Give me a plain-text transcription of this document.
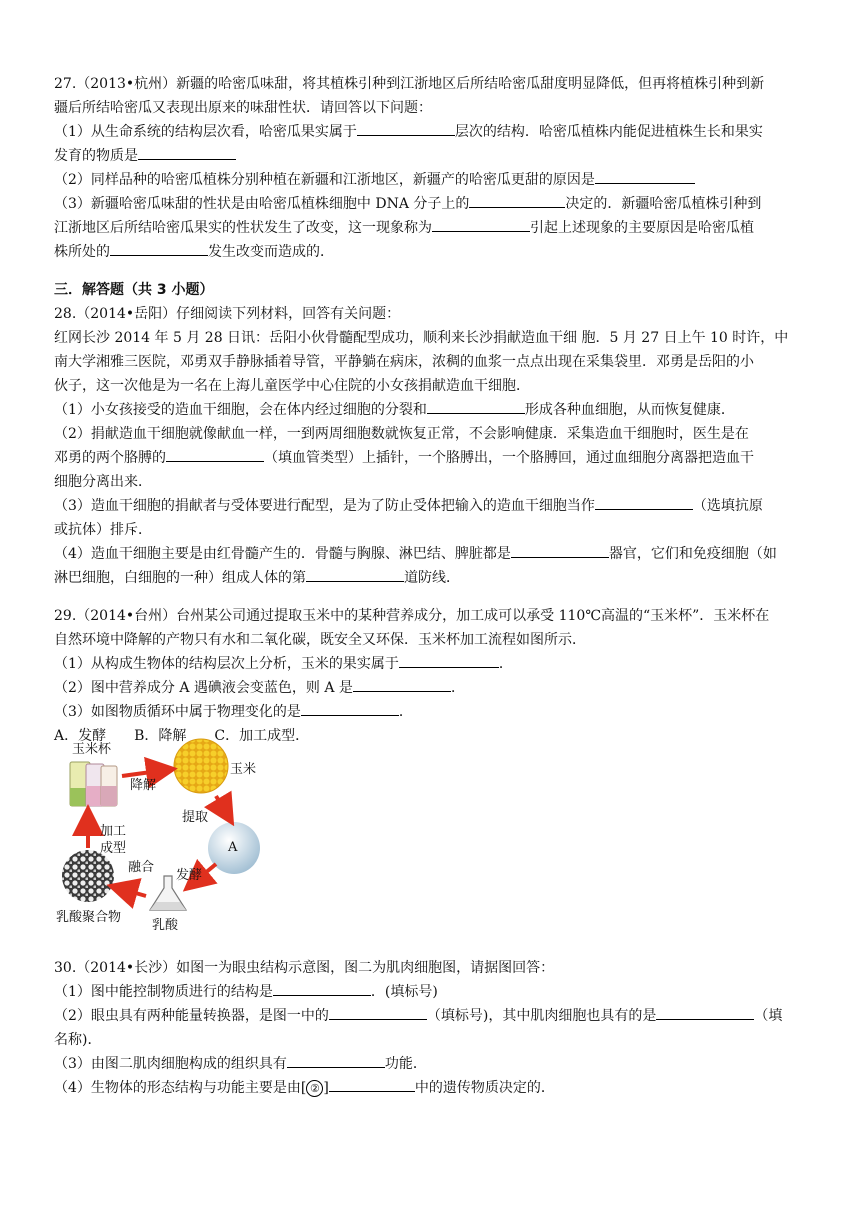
27.（2013•杭州）新疆的哈密瓜味甜，将其植株引种到江浙地区后所结哈密瓜甜度明显降低，但再将植株引种到新
疆后所结哈密瓜又表现出原来的味甜性状．请回答以下问题：
（1）从生命系统的结构层次看，哈密瓜果实属于	层次的结构．哈密瓜植株内能促进植株生长和果实
发育的物质是
（2）同样品种的哈密瓜植株分别种植在新疆和江浙地区，新疆产的哈密瓜更甜的原因是
（3）新疆哈密瓜味甜的性状是由哈密瓜植株细胞中 DNA 分子上的	决定的．新疆哈密瓜植株引种到
江浙地区后所结哈密瓜果实的性状发生了改变，这一现象称为	引起上述现象的主要原因是哈密瓜植
株所处的	发生改变而造成的．
三．解答题（共 3 小题）
28.（2014•岳阳）仔细阅读下列材料，回答有关问题：
红网长沙 2014 年 5 月 28 日讯：岳阳小伙骨髓配型成功，顺利来长沙捐献造血干细 胞．5 月 27 日上午 10 时许，中
南大学湘雅三医院，邓勇双手静脉插着导管，平静躺在病床，浓稠的血浆一点点出现在采集袋里．邓勇是岳阳的小
伙子，这一次他是为一名在上海儿童医学中心住院的小女孩捐献造血干细胞．
（1）小女孩接受的造血干细胞，会在体内经过细胞的分裂和	形成各种血细胞，从而恢复健康．
（2）捐献造血干细胞就像献血一样，一到两周细胞数就恢复正常，不会影响健康．采集造血干细胞时，医生是在
邓勇的两个胳膊的	（填血管类型）上插针，一个胳膊出，一个胳膊回，通过血细胞分离器把造血干
细胞分离出来．
（3）造血干细胞的捐献者与受体要进行配型，是为了防止受体把输入的造血干细胞当作	（选填抗原
或抗体）排斥．
（4）造血干细胞主要是由红骨髓产生的．骨髓与胸腺、淋巴结、脾脏都是	器官，它们和免疫细胞（如
淋巴细胞，白细胞的一种）组成人体的第	道防线．
29.（2014•台州）台州某公司通过提取玉米中的某种营养成分，加工成可以承受 110℃高温的“玉米杯”．玉米杯在
自然环境中降解的产物只有水和二氧化碳，既安全又环保．玉米杯加工流程如图所示．
（1）从构成生物体的结构层次上分析，玉米的果实属于	．
（2）图中营养成分 A 遇碘液会变蓝色，则 A 是	．
（3）如图物质循环中属于物理变化的是	．
A．发酵 B．降解 C．加工成型．
玉米杯
降解
玉米
提取
A
加工
成型
融合
发酵
乳酸
乳酸聚合物
30.（2014•长沙）如图一为眼虫结构示意图，图二为肌肉细胞图，请据图回答：
（1）图中能控制物质进行的结构是	．(填标号)
（2）眼虫具有两种能量转换器，是图一中的	（填标号)，其中肌肉细胞也具有的是	（填
名称)．
（3）由图二肌肉细胞构成的组织具有	功能．
（4）生物体的形态结构与功能主要是由[ ② ]	中的遗传物质决定的．
